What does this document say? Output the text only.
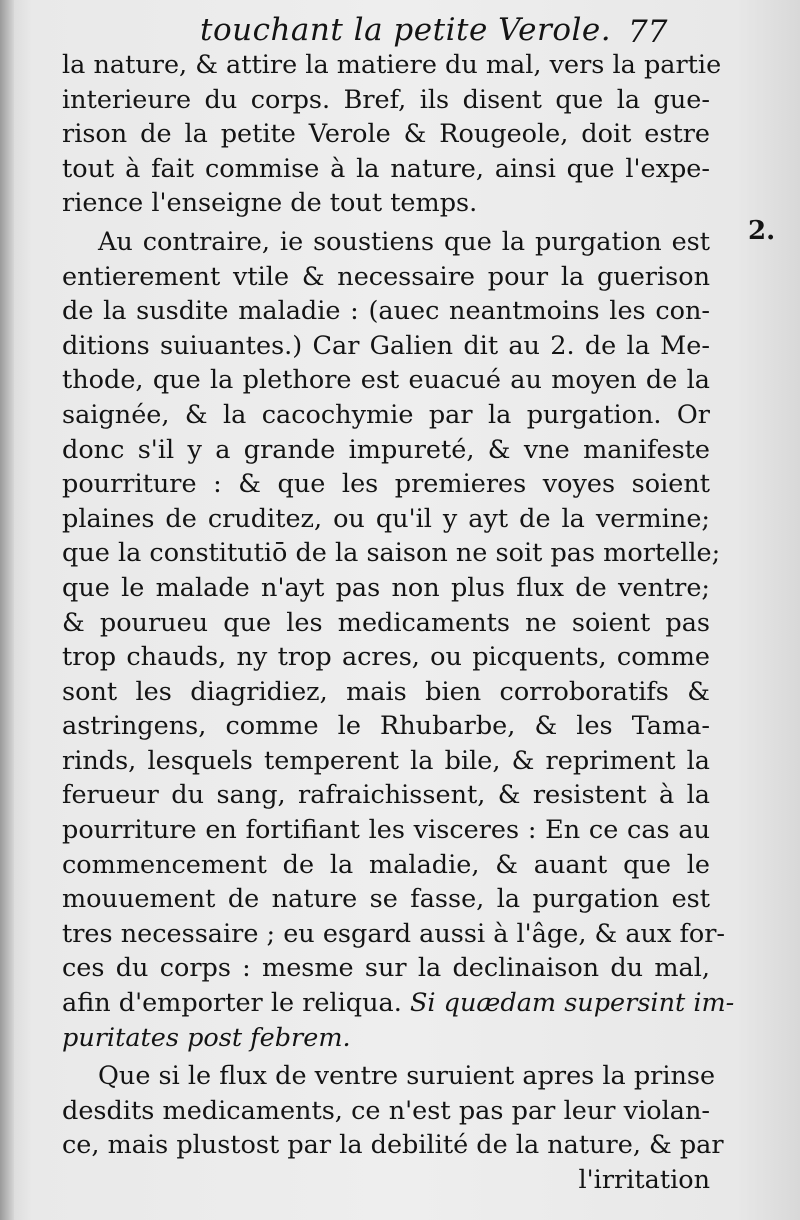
touchant la petite Verole. 77
2.
la nature, & attire la matiere du mal, vers la partie
interieure du corps. Bref, ils disent que la gue-
rison de la petite Verole & Rougeole, doit estre
tout à fait commise à la nature, ainsi que l'expe-
rience l'enseigne de tout temps.
Au contraire, ie soustiens que la purgation est
entierement vtile & necessaire pour la guerison
de la susdite maladie : (auec neantmoins les con-
ditions suiuantes.) Car Galien dit au 2. de la Me-
thode, que la plethore est euacué au moyen de la
saignée, & la cacochymie par la purgation. Or
donc s'il y a grande impureté, & vne manifeste
pourriture : & que les premieres voyes soient
plaines de cruditez, ou qu'il y ayt de la vermine;
que la constitutiō de la saison ne soit pas mortelle;
que le malade n'ayt pas non plus flux de ventre;
& pourueu que les medicaments ne soient pas
trop chauds, ny trop acres, ou picquents, comme
sont les diagridiez, mais bien corroboratifs &
astringens, comme le Rhubarbe, & les Tama-
rinds, lesquels temperent la bile, & repriment la
ferueur du sang, rafraichissent, & resistent à la
pourriture en fortifiant les visceres : En ce cas au
commencement de la maladie, & auant que le
mouuement de nature se fasse, la purgation est
tres necessaire ; eu esgard aussi à l'âge, & aux for-
ces du corps : mesme sur la declinaison du mal,
afin d'emporter le reliqua. Si quædam supersint im-
puritates post febrem.
Que si le flux de ventre suruient apres la prinse
desdits medicaments, ce n'est pas par leur violan-
ce, mais plustost par la debilité de la nature, & par
l'irritation
